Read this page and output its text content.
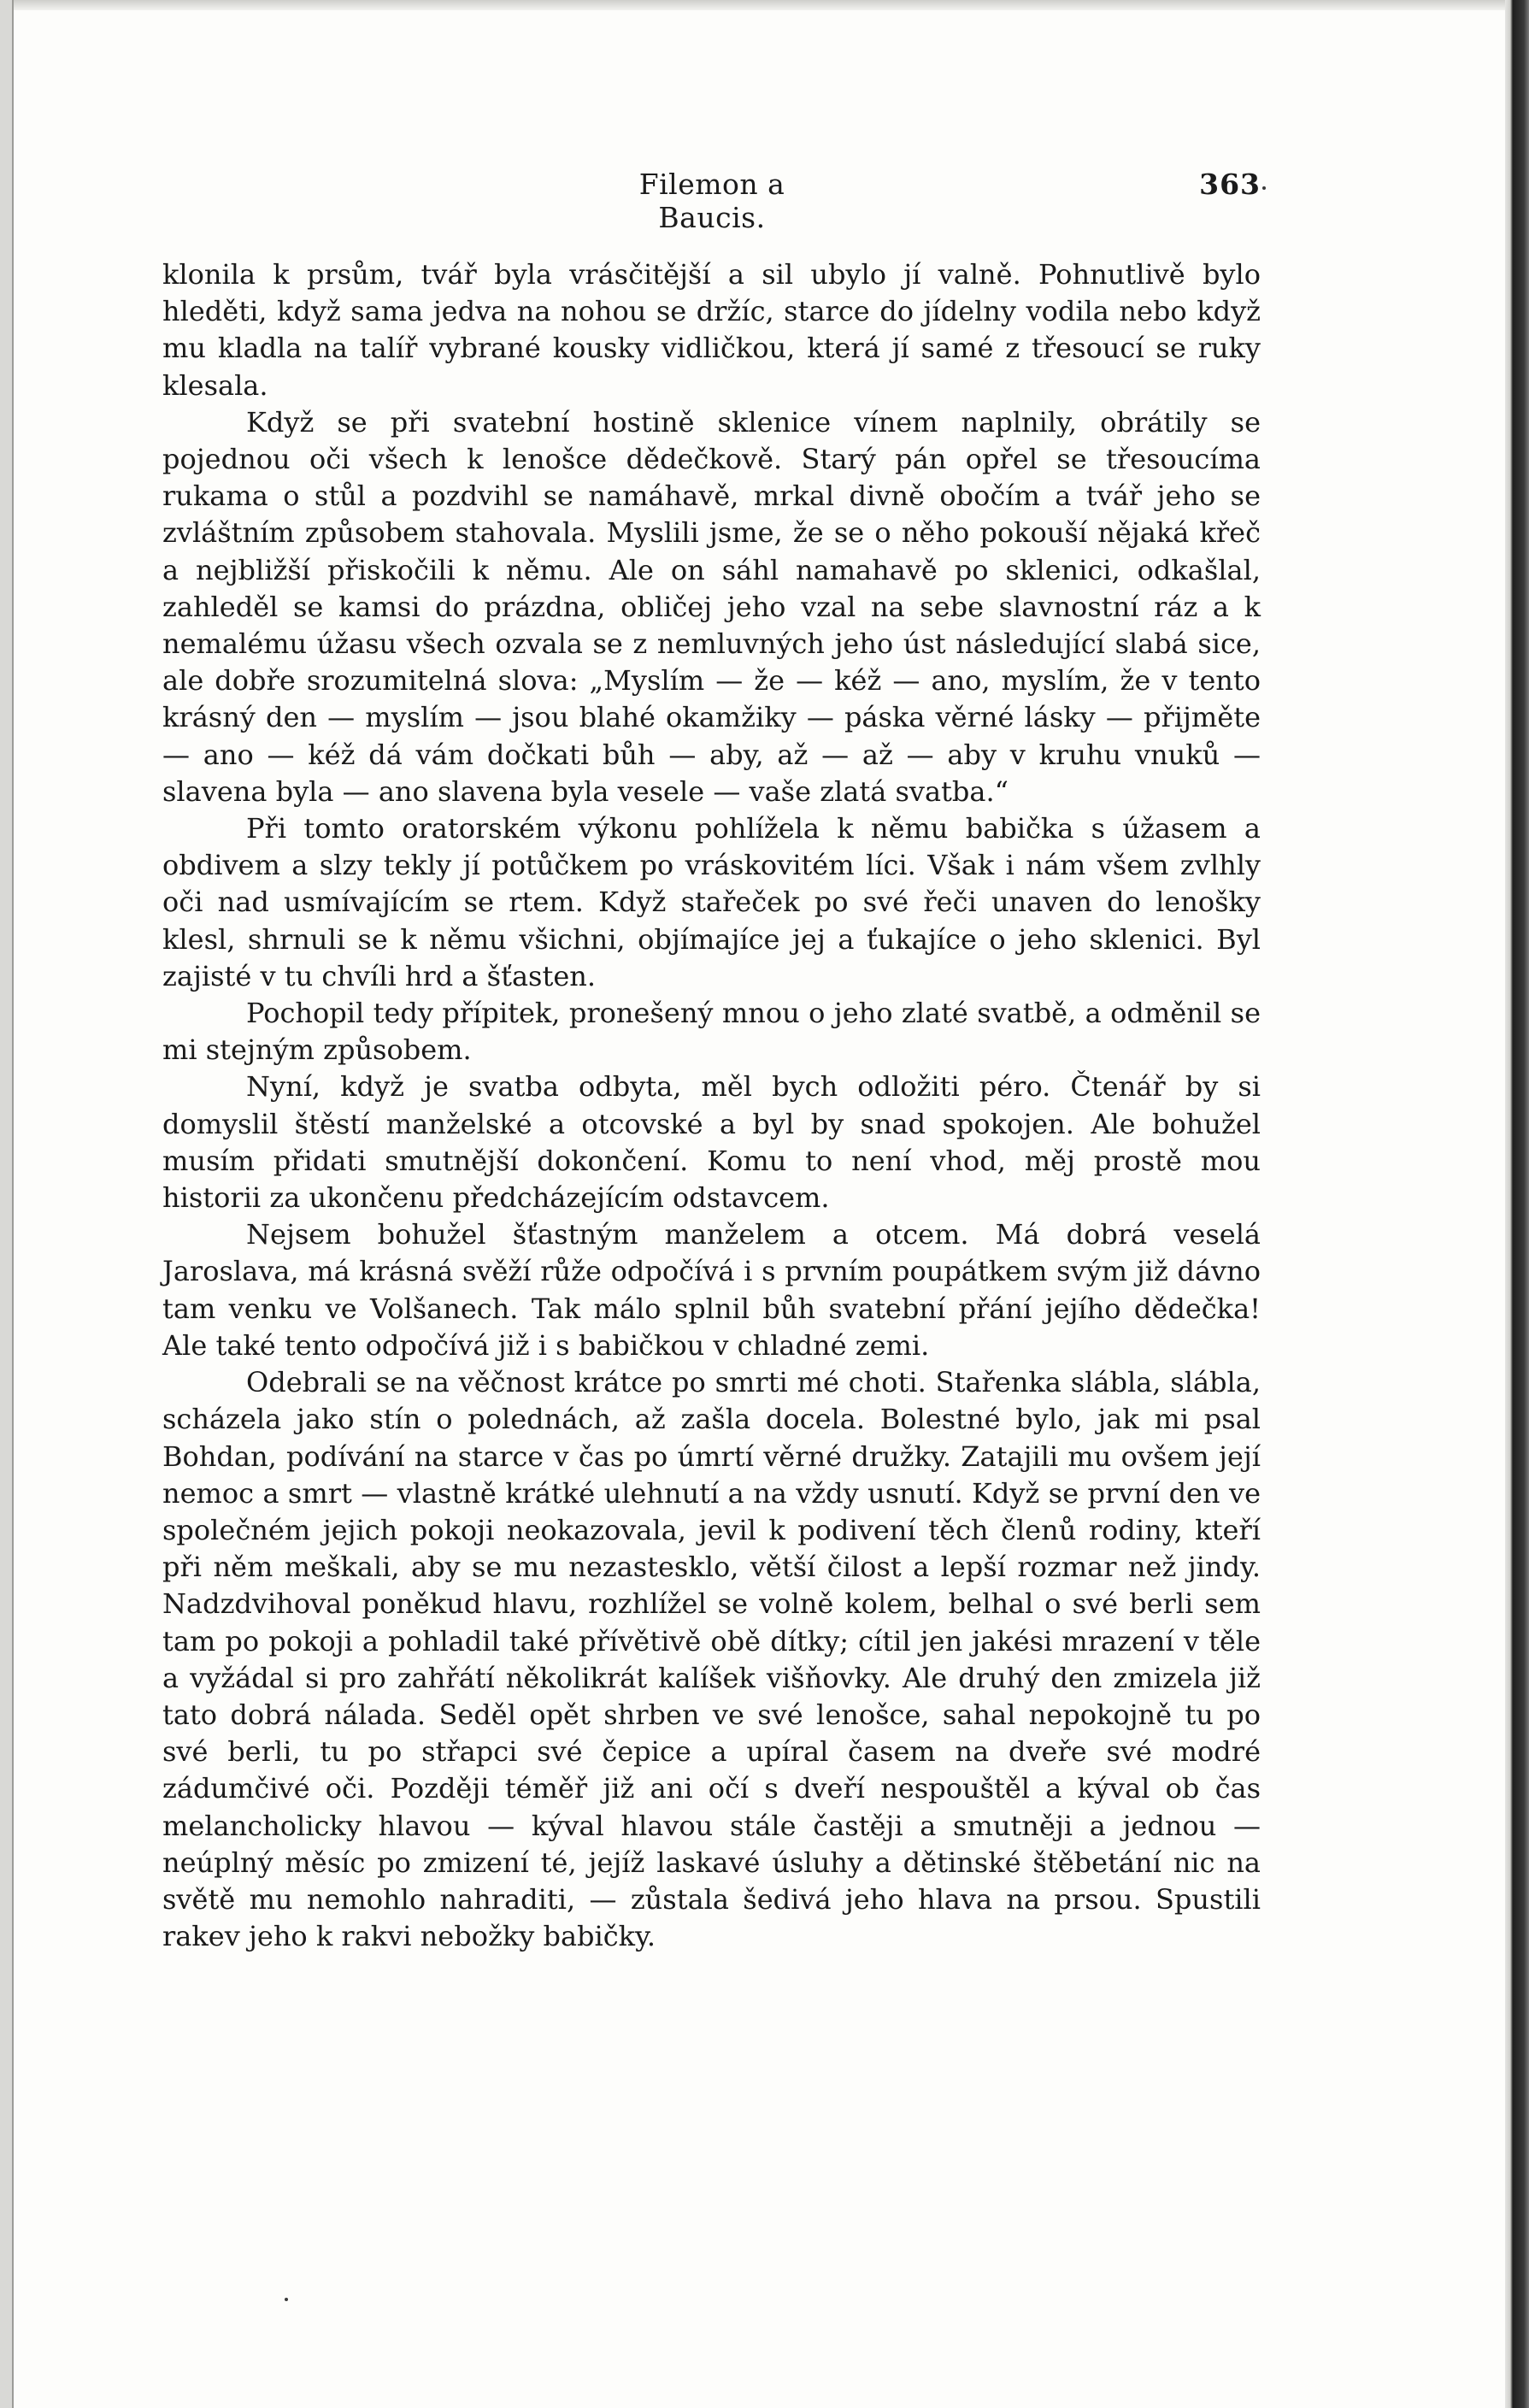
Filemon a Baucis.
363

klonila k prsům, tvář byla vrásčitější a sil ubylo jí valně. Pohnutlivě bylo hleděti, když sama jedva na nohou se držíc, starce do jídelny vodila nebo když mu kladla na talíř vybrané kousky vidličkou, která jí samé z třesoucí se ruky klesala.

Když se při svatební hostině sklenice vínem naplnily, obrátily se pojednou oči všech k lenošce dědečkově. Starý pán opřel se třesoucíma rukama o stůl a pozdvihl se namáhavě, mrkal divně obočím a tvář jeho se zvláštním způsobem stahovala. Myslili jsme, že se o něho pokouší nějaká křeč a nejbližší přiskočili k němu. Ale on sáhl namahavě po sklenici, odkašlal, zahleděl se kamsi do prázdna, obličej jeho vzal na sebe slavnostní ráz a k nemalému úžasu všech ozvala se z nemluvných jeho úst následující slabá sice, ale dobře srozumitelná slova: „Myslím — že — kéž — ano, myslím, že v tento krásný den — myslím — jsou blahé okamžiky — páska věrné lásky — přijměte — ano — kéž dá vám dočkati bůh — aby, až — až — aby v kruhu vnuků — slavena byla — ano slavena byla vesele — vaše zlatá svatba.“

Při tomto oratorském výkonu pohlížela k němu babička s úžasem a obdivem a slzy tekly jí potůčkem po vráskovitém líci. Však i nám všem zvlhly oči nad usmívajícím se rtem. Když stařeček po své řeči unaven do lenošky klesl, shrnuli se k němu všichni, objímajíce jej a ťukajíce o jeho sklenici. Byl zajisté v tu chvíli hrd a šťasten.

Pochopil tedy přípitek, pronešený mnou o jeho zlaté svatbě, a odměnil se mi stejným způsobem.

Nyní, když je svatba odbyta, měl bych odložiti péro. Čtenář by si domyslil štěstí manželské a otcovské a byl by snad spokojen. Ale bohužel musím přidati smutnější dokončení. Komu to není vhod, měj prostě mou historii za ukončenu předcházejícím odstavcem.

Nejsem bohužel šťastným manželem a otcem. Má dobrá veselá Jaroslava, má krásná svěží růže odpočívá i s prvním poupátkem svým již dávno tam venku ve Volšanech. Tak málo splnil bůh svatební přání jejího dědečka! Ale také tento odpočívá již i s babičkou v chladné zemi.

Odebrali se na věčnost krátce po smrti mé choti. Stařenka slábla, slábla, scházela jako stín o polednách, až zašla docela. Bolestné bylo, jak mi psal Bohdan, podívání na starce v čas po úmrtí věrné družky. Zatajili mu ovšem její nemoc a smrt — vlastně krátké ulehnutí a na vždy usnutí. Když se první den ve společném jejich pokoji neokazovala, jevil k podivení těch členů rodiny, kteří při něm meškali, aby se mu nezastesklo, větší čilost a lepší rozmar než jindy. Nadzdvihoval poněkud hlavu, rozhlížel se volně kolem, belhal o své berli sem tam po pokoji a pohladil také přívětivě obě dítky; cítil jen jakési mrazení v těle a vyžádal si pro zahřátí několikrát kalíšek višňovky. Ale druhý den zmizela již tato dobrá nálada. Seděl opět shrben ve své lenošce, sahal nepokojně tu po své berli, tu po střapci své čepice a upíral časem na dveře své modré zádumčivé oči. Později téměř již ani očí s dveří nespouštěl a kýval ob čas melancholicky hlavou — kýval hlavou stále častěji a smutněji a jednou — neúplný měsíc po zmizení té, jejíž laskavé úsluhy a dětinské štěbetání nic na světě mu nemohlo nahraditi, — zůstala šedivá jeho hlava na prsou. Spustili rakev jeho k rakvi nebožky babičky.
